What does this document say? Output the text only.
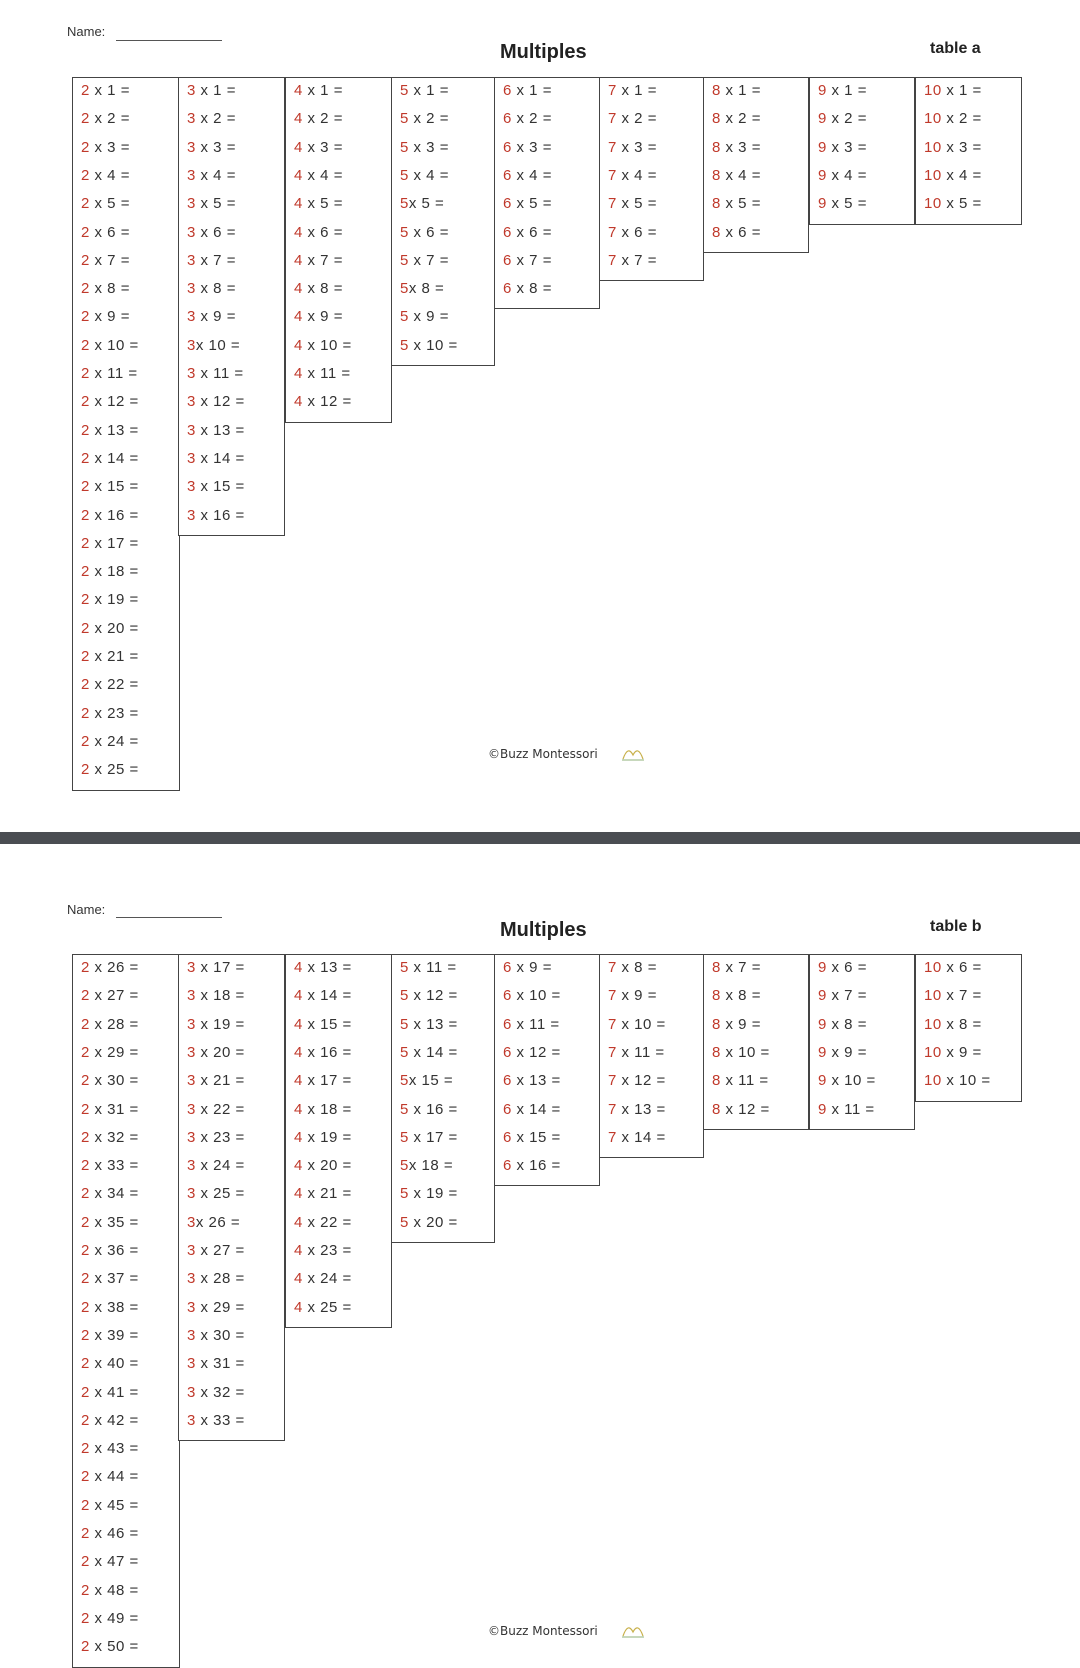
Name:
Multiples	table a
2 x 1 =
2 x 2 =
2 x 3 =
2 x 4 =
2 x 5 =
2 x 6 =
2 x 7 =
2 x 8 =
2 x 9 =
2 x 10 =
2 x 11 =
2 x 12 =
2 x 13 =
2 x 14 =
2 x 15 =
2 x 16 =
2 x 17 =
2 x 18 =
2 x 19 =
2 x 20 =
2 x 21 =
2 x 22 =
2 x 23 =
2 x 24 =
2 x 25 =
3 x 1 =
3 x 2 =
3 x 3 =
3 x 4 =
3 x 5 =
3 x 6 =
3 x 7 =
3 x 8 =
3 x 9 =
3x 10 =
3 x 11 =
3 x 12 =
3 x 13 =
3 x 14 =
3 x 15 =
3 x 16 =
4 x 1 =
4 x 2 =
4 x 3 =
4 x 4 =
4 x 5 =
4 x 6 =
4 x 7 =
4 x 8 =
4 x 9 =
4 x 10 =
4 x 11 =
4 x 12 =
5 x 1 =
5 x 2 =
5 x 3 =
5 x 4 =
5x 5 =
5 x 6 =
5 x 7 =
5x 8 =
5 x 9 =
5 x 10 =
6 x 1 =
6 x 2 =
6 x 3 =
6 x 4 =
6 x 5 =
6 x 6 =
6 x 7 =
6 x 8 =
7 x 1 =
7 x 2 =
7 x 3 =
7 x 4 =
7 x 5 =
7 x 6 =
7 x 7 =
8 x 1 =
8 x 2 =
8 x 3 =
8 x 4 =
8 x 5 =
8 x 6 =
9 x 1 =
9 x 2 =
9 x 3 =
9 x 4 =
9 x 5 =
10 x 1 =
10 x 2 =
10 x 3 =
10 x 4 =
10 x 5 =
©Buzz Montessori
Name:
Multiples	table b
2 x 26 =
2 x 27 =
2 x 28 =
2 x 29 =
2 x 30 =
2 x 31 =
2 x 32 =
2 x 33 =
2 x 34 =
2 x 35 =
2 x 36 =
2 x 37 =
2 x 38 =
2 x 39 =
2 x 40 =
2 x 41 =
2 x 42 =
2 x 43 =
2 x 44 =
2 x 45 =
2 x 46 =
2 x 47 =
2 x 48 =
2 x 49 =
2 x 50 =
3 x 17 =
3 x 18 =
3 x 19 =
3 x 20 =
3 x 21 =
3 x 22 =
3 x 23 =
3 x 24 =
3 x 25 =
3x 26 =
3 x 27 =
3 x 28 =
3 x 29 =
3 x 30 =
3 x 31 =
3 x 32 =
3 x 33 =
4 x 13 =
4 x 14 =
4 x 15 =
4 x 16 =
4 x 17 =
4 x 18 =
4 x 19 =
4 x 20 =
4 x 21 =
4 x 22 =
4 x 23 =
4 x 24 =
4 x 25 =
5 x 11 =
5 x 12 =
5 x 13 =
5 x 14 =
5x 15 =
5 x 16 =
5 x 17 =
5x 18 =
5 x 19 =
5 x 20 =
6 x 9 =
6 x 10 =
6 x 11 =
6 x 12 =
6 x 13 =
6 x 14 =
6 x 15 =
6 x 16 =
7 x 8 =
7 x 9 =
7 x 10 =
7 x 11 =
7 x 12 =
7 x 13 =
7 x 14 =
8 x 7 =
8 x 8 =
8 x 9 =
8 x 10 =
8 x 11 =
8 x 12 =
9 x 6 =
9 x 7 =
9 x 8 =
9 x 9 =
9 x 10 =
9 x 11 =
10 x 6 =
10 x 7 =
10 x 8 =
10 x 9 =
10 x 10 =
©Buzz Montessori
